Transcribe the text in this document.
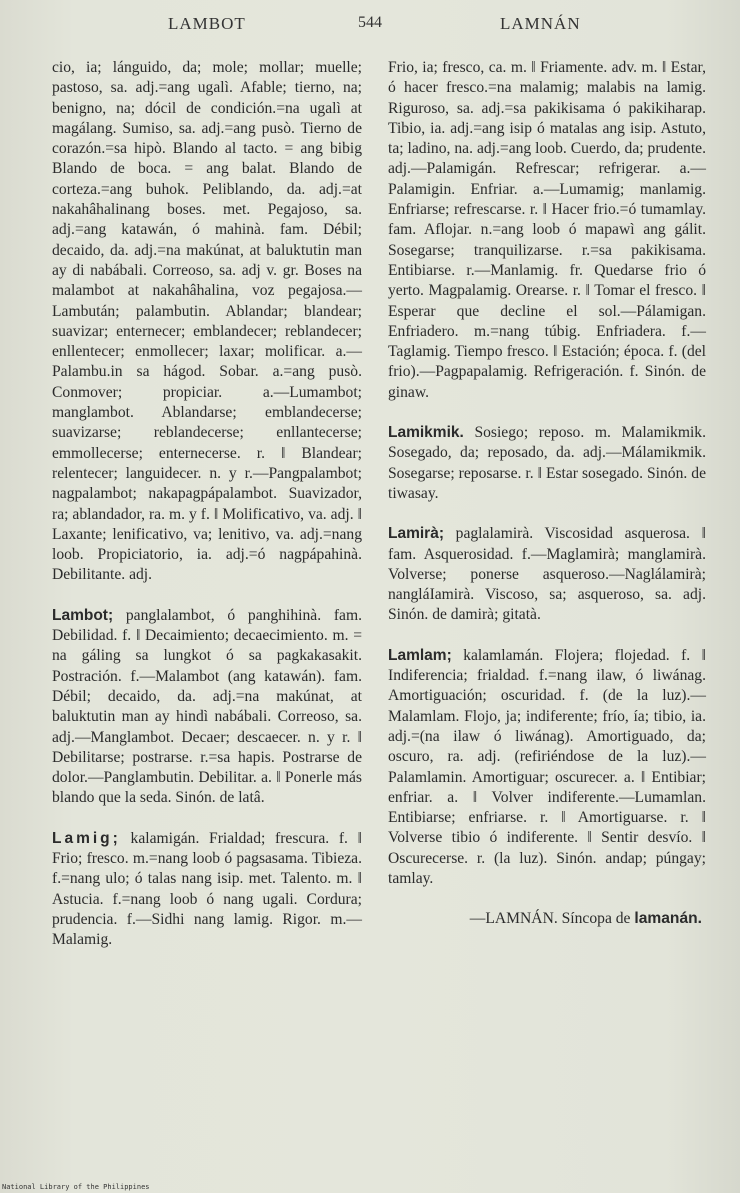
LAMBOT	544	LAMNÁN

cio, ia; lánguido, da; mole; mollar; muelle; pastoso, sa. adj.=ang ugalì. Afable; tierno, na; benigno, na; dócil de condición.=na ugalì at magálang. Sumiso, sa. adj.=ang pusò. Tierno de corazón.=sa hipò. Blando al tacto. = ang bibig Blando de boca. = ang balat. Blando de corteza.=ang buhok. Peliblando, da. adj.=at nakahâhalinang boses. met. Pegajoso, sa. adj.=ang katawán, ó mahinà. fam. Débil; decaido, da. adj.=na makúnat, at baluktutin man ay di nabábali. Correoso, sa. adj v. gr. Boses na malambot at nakahâhalina, voz pegajosa.—Lambután; palambutin. Ablandar; blandear; suavizar; enternecer; emblandecer; reblandecer; enllentecer; enmollecer; laxar; molificar. a.—Palambu.in sa hágod. Sobar. a.=ang pusò. Conmover; propiciar. a.—Lumambot; manglambot. Ablandarse; emblandecerse; suavizarse; reblandecerse; enllantecerse; emmollecerse; enternecerse. r. ‖ Blandear; relentecer; languidecer. n. y r.—Pangpalambot; nagpalambot; nakapagpápalambot. Suavizador, ra; ablandador, ra. m. y f. ‖ Molificativo, va. adj. ‖ Laxante; lenificativo, va; lenitivo, va. adj.=nang loob. Propiciatorio, ia. adj.=ó nagpápahinà. Debilitante. adj.

Lambot; panglalambot, ó panghihinà. fam. Debilidad. f. ‖ Decaimiento; decaecimiento. m. = na gáling sa lungkot ó sa pagkakasakit. Postración. f.—Malambot (ang katawán). fam. Débil; decaido, da. adj.=na makúnat, at baluktutin man ay hindì nabábali. Correoso, sa. adj.—Manglambot. Decaer; descaecer. n. y r. ‖ Debilitarse; postrarse. r.=sa hapis. Postrarse de dolor.—Panglambutin. Debilitar. a. ‖ Ponerle más blando que la seda. Sinón. de latâ.

Lamig; kalamigán. Frialdad; frescura. f. ‖ Frio; fresco. m.=nang loob ó pagsasama. Tibieza. f.=nang ulo; ó talas nang isip. met. Talento. m. ‖ Astucia. f.=nang loob ó nang ugali. Cordura; prudencia. f.—Sidhi nang lamig. Rigor. m.—Malamig.

Frio, ia; fresco, ca. m. ‖ Friamente. adv. m. ‖ Estar, ó hacer fresco.=na malamig; malabis na lamig. Riguroso, sa. adj.=sa pakikisama ó pakikiharap. Tibio, ia. adj.=ang isip ó matalas ang isip. Astuto, ta; ladino, na. adj.=ang loob. Cuerdo, da; prudente. adj.—Palamigán. Refrescar; refrigerar. a.—Palamigin. Enfriar. a.—Lumamig; manlamig. Enfriarse; refrescarse. r. ‖ Hacer frio.=ó tumamlay. fam. Aflojar. n.=ang loob ó mapawì ang gálit. Sosegarse; tranquilizarse. r.=sa pakikisama. Entibiarse. r.—Manlamig. fr. Quedarse frio ó yerto. Magpalamig. Orearse. r. ‖ Tomar el fresco. ‖ Esperar que decline el sol.—Pálamigan. Enfriadero. m.=nang túbig. Enfriadera. f.—Taglamig. Tiempo fresco. ‖ Estación; época. f. (del frio).—Pagpapalamig. Refrigeración. f. Sinón. de ginaw.

Lamikmik. Sosiego; reposo. m. Malamikmik. Sosegado, da; reposado, da. adj.—Málamikmik. Sosegarse; reposarse. r. ‖ Estar sosegado. Sinón. de tiwasay.

Lamirà; paglalamirà. Viscosidad asquerosa. ‖ fam. Asquerosidad. f.—Maglamirà; manglamirà. Volverse; ponerse asqueroso.—Naglálamirà; nangláIamirà. Viscoso, sa; asqueroso, sa. adj. Sinón. de damirà; gitatà.

Lamlam; kalamlamán. Flojera; flojedad. f. ‖ Indiferencia; frialdad. f.=nang ilaw, ó liwánag. Amortiguación; oscuridad. f. (de la luz).—Malamlam. Flojo, ja; indiferente; frío, ía; tibio, ia. adj.=(na ilaw ó liwánag). Amortiguado, da; oscuro, ra. adj. (refiriéndose de la luz).—Palamlamin. Amortiguar; oscurecer. a. ‖ Entibiar; enfriar. a. ‖ Volver indiferente.—Lumamlan. Entibiarse; enfriarse. r. ‖ Amortiguarse. r. ‖ Volverse tibio ó indiferente. ‖ Sentir desvío. ‖ Oscurecerse. r. (la luz). Sinón. andap; púngay; tamlay.

—LAMNÁN. Síncopa de lamanán.

National Library of the Philippines
